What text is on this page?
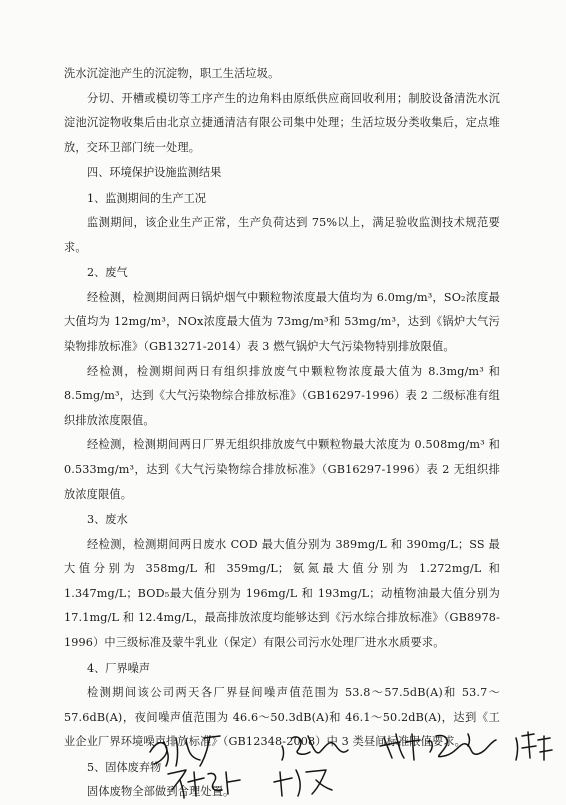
洗水沉淀池产生的沉淀物，职工生活垃圾。

分切、开槽或模切等工序产生的边角料由原纸供应商回收利用；制胶设备清洗水沉淀池沉淀物收集后由北京立捷通清洁有限公司集中处理；生活垃圾分类收集后，定点堆放，交环卫部门统一处理。

四、环境保护设施监测结果

1、监测期间的生产工况

监测期间，该企业生产正常，生产负荷达到 75%以上，满足验收监测技术规范要求。

2、废气

经检测，检测期间两日锅炉烟气中颗粒物浓度最大值均为 6.0mg/m³，SO₂浓度最大值均为 12mg/m³，NOx浓度最大值为 73mg/m³和 53mg/m³，达到《锅炉大气污染物排放标准》（GB13271-2014）表 3 燃气锅炉大气污染物特别排放限值。

经检测，检测期间两日有组织排放废气中颗粒物浓度最大值为 8.3mg/m³ 和 8.5mg/m³，达到《大气污染物综合排放标准》（GB16297-1996）表 2 二级标准有组织排放浓度限值。

经检测，检测期间两日厂界无组织排放废气中颗粒物最大浓度为 0.508mg/m³ 和 0.533mg/m³，达到《大气污染物综合排放标准》（GB16297-1996）表 2 无组织排放浓度限值。

3、废水

经检测，检测期间两日废水 COD 最大值分别为 389mg/L 和 390mg/L；SS 最大值分别为 358mg/L 和 359mg/L；氨氮最大值分别为 1.272mg/L 和 1.347mg/L；BOD₅最大值分别为 196mg/L 和 193mg/L；动植物油最大值分别为 17.1mg/L 和 12.4mg/L，最高排放浓度均能够达到《污水综合排放标准》（GB8978-1996）中三级标准及蒙牛乳业（保定）有限公司污水处理厂进水水质要求。

4、厂界噪声

检测期间该公司两天各厂界昼间噪声值范围为 53.8～57.5dB(A)和 53.7～57.6dB(A)，夜间噪声值范围为 46.6～50.3dB(A)和 46.1～50.2dB(A)，达到《工业企业厂界环境噪声排放标准》（GB12348-2008）中 3 类昼间标准限值要求。

5、固体废弃物

固体废物全部做到合理处置。
